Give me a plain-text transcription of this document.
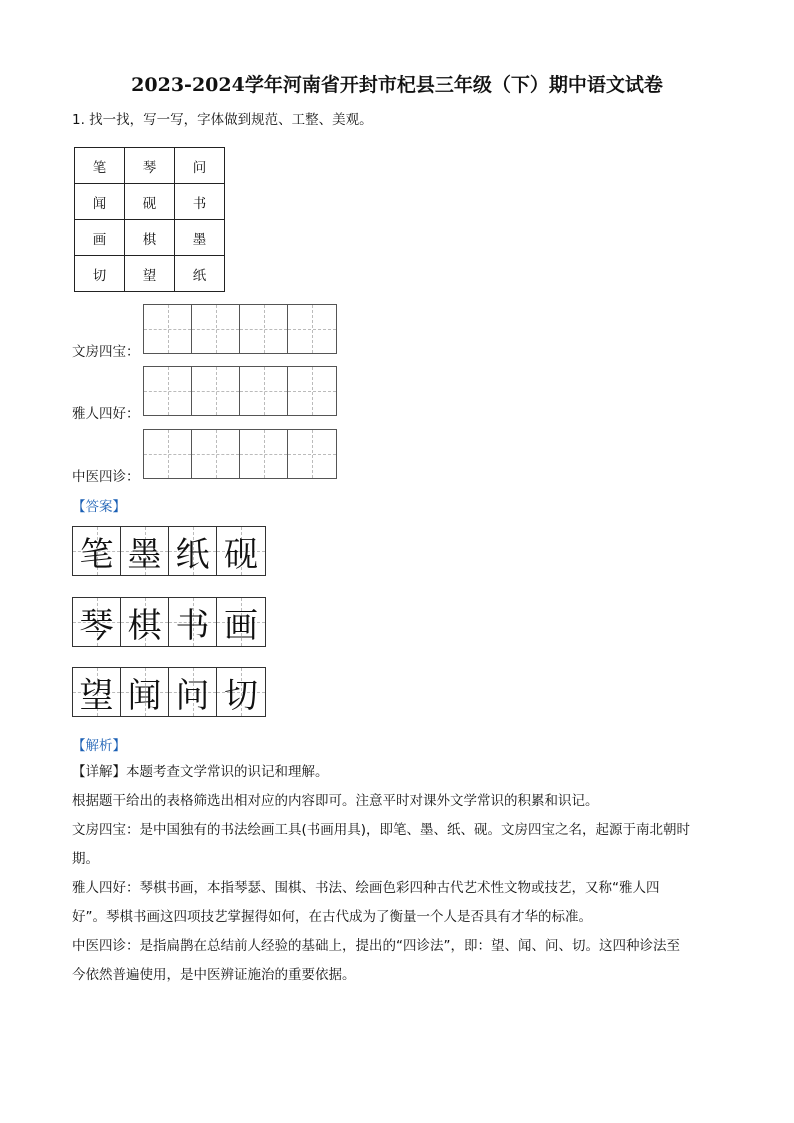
2023-2024学年河南省开封市杞县三年级（下）期中语文试卷
1. 找一找，写一写，字体做到规范、工整、美观。
笔	琴	问
闻	砚	书
画	棋	墨
切	望	纸
文房四宝：
雅人四好：
中医四诊：
【答案】
笔 墨 纸 砚
琴 棋 书 画
望 闻 问 切
【解析】
【详解】本题考查文学常识的识记和理解。
根据题干给出的表格筛选出相对应的内容即可。注意平时对课外文学常识的积累和识记。
文房四宝：是中国独有的书法绘画工具(书画用具)，即笔、墨、纸、砚。文房四宝之名，起源于南北朝时
期。
雅人四好：琴棋书画，本指琴瑟、围棋、书法、绘画色彩四种古代艺术性文物或技艺，又称“雅人四
好”。琴棋书画这四项技艺掌握得如何，在古代成为了衡量一个人是否具有才华的标准。
中医四诊：是指扁鹊在总结前人经验的基础上，提出的“四诊法”，即：望、闻、问、切。这四种诊法至
今依然普遍使用，是中医辨证施治的重要依据。
